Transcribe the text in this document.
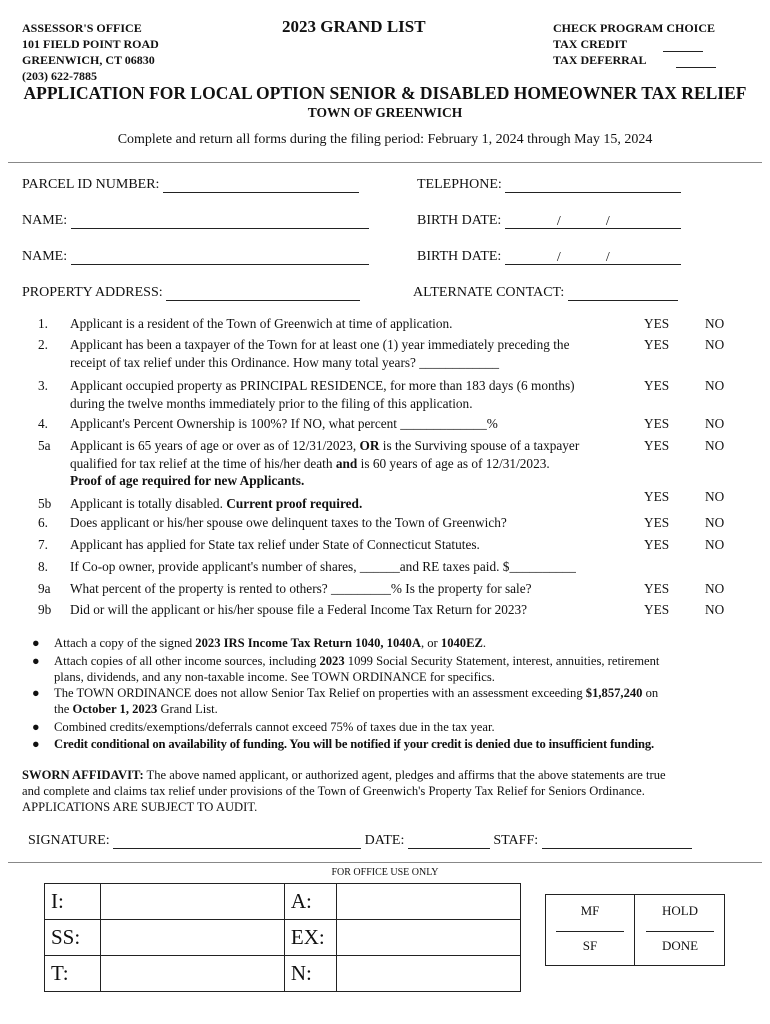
ASSESSOR'S OFFICE
101 FIELD POINT ROAD
GREENWICH, CT 06830
(203) 622-7885
2023 GRAND LIST	CHECK PROGRAM CHOICE
TAX CREDIT
TAX DEFERRAL
APPLICATION FOR LOCAL OPTION SENIOR & DISABLED HOMEOWNER TAX RELIEF
TOWN OF GREENWICH
Complete and return all forms during the filing period: February 1, 2024 through May 15, 2024
PARCEL ID NUMBER:	TELEPHONE:
NAME:	BIRTH DATE:	/	/
NAME:	BIRTH DATE:	/	/
PROPERTY ADDRESS:	ALTERNATE CONTACT:
1.	Applicant is a resident of the Town of Greenwich at time of application.	YES	NO
2.	Applicant has been a taxpayer of the Town for at least one (1) year immediately preceding the
receipt of tax relief under this Ordinance. How many total years? ____________
YES	NO
3.	Applicant occupied property as PRINCIPAL RESIDENCE, for more than 183 days (6 months)
during the twelve months immediately prior to the filing of this application.
YES	NO
4.	Applicant's Percent Ownership is 100%? If NO, what percent _____________%	YES	NO
5a	Applicant is 65 years of age or over as of 12/31/2023, OR is the Surviving spouse of a taxpayer
qualified for tax relief at the time of his/her death and is 60 years of age as of 12/31/2023.
Proof of age required for new Applicants.
YES	NO
5b	Applicant is totally disabled. Current proof required.	YES	NO
6.	Does applicant or his/her spouse owe delinquent taxes to the Town of Greenwich?	YES	NO
7.	Applicant has applied for State tax relief under State of Connecticut Statutes.	YES	NO
8.	If Co-op owner, provide applicant's number of shares, ______and RE taxes paid. $__________
9a	What percent of the property is rented to others? _________% Is the property for sale?	YES	NO
9b	Did or will the applicant or his/her spouse file a Federal Income Tax Return for 2023?	YES	NO
● Attach a copy of the signed 2023 IRS Income Tax Return 1040, 1040A, or 1040EZ.
● Attach copies of all other income sources, including 2023 1099 Social Security Statement, interest, annuities, retirement
plans, dividends, and any non-taxable income. See TOWN ORDINANCE for specifics.
● The TOWN ORDINANCE does not allow Senior Tax Relief on properties with an assessment exceeding $1,857,240 on
the October 1, 2023 Grand List.
● Combined credits/exemptions/deferrals cannot exceed 75% of taxes due in the tax year.
● Credit conditional on availability of funding. You will be notified if your credit is denied due to insufficient funding.
SWORN AFFIDAVIT: The above named applicant, or authorized agent, pledges and affirms that the above statements are true
and complete and claims tax relief under provisions of the Town of Greenwich's Property Tax Relief for Seniors Ordinance.
APPLICATIONS ARE SUBJECT TO AUDIT.
SIGNATURE:	DATE:	STAFF:
FOR OFFICE USE ONLY
I:		A:	
SS:		EX:	
T:		N:	
MF	HOLD
SF	DONE
